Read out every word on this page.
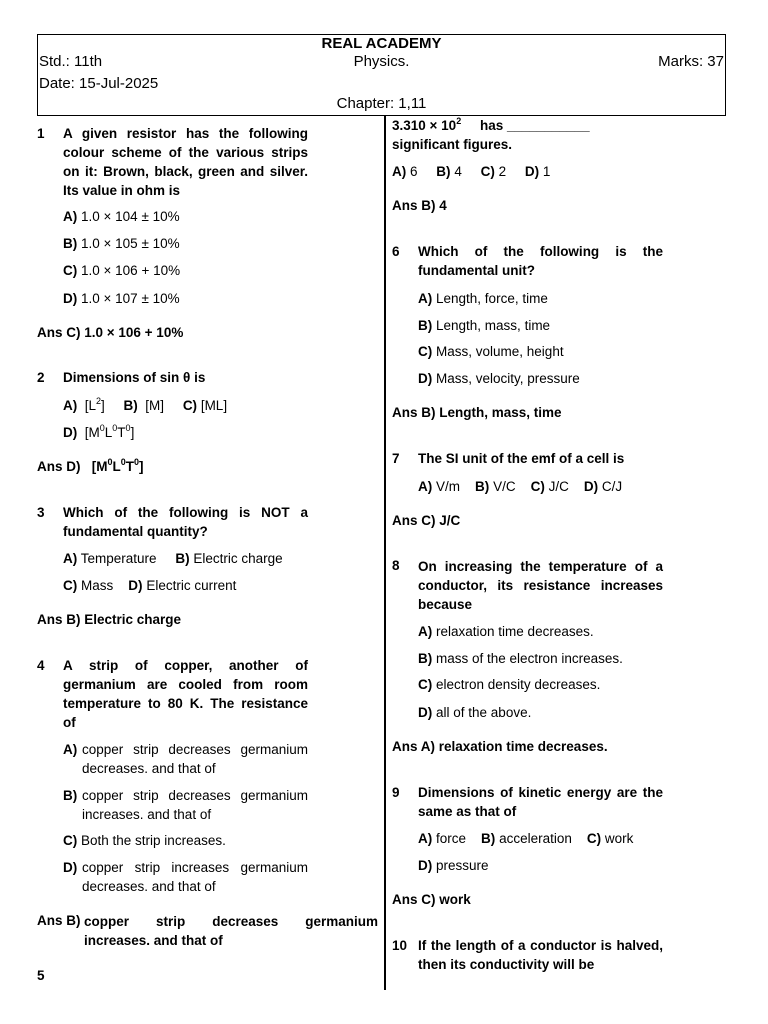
REAL ACADEMY
Std.: 11th	Physics.	Marks: 37
Date: 15-Jul-2025
Chapter: 1,11
1 A given resistor has the following colour scheme of the various strips on it: Brown, black, green and silver. Its value in ohm is
A) 1.0 × 104 ± 10%
B) 1.0 × 105 ± 10%
C) 1.0 × 106 + 10%
D) 1.0 × 107 ± 10%
Ans C) 1.0 × 106 + 10%
2 Dimensions of sin θ is
A)  $[L^2]$     B)  [M]     C) [ML]
D)  $[M^0L^0T^0]$
Ans D)   $[M^0L^0T^0]$
3 Which of the following is NOT a fundamental quantity?
A) Temperature B) Electric charge
C) Mass D) Electric current
Ans B) Electric charge
4 A strip of copper, another of germanium are cooled from room temperature to 80 K. The resistance of
A) copper strip decreases germanium decreases. and that of
B) copper strip decreases germanium increases. and that of
C) Both the strip increases.
D) copper strip increases germanium decreases. and that of
Ans B) copper strip decreases germanium increases. and that of
5
$3.310 \times 10^2$ has ___________ significant figures.
A) 6 B) 4 C) 2 D) 1
Ans B) 4
6 Which of the following is the fundamental unit?
A) Length, force, time
B) Length, mass, time
C) Mass, volume, height
D) Mass, velocity, pressure
Ans B) Length, mass, time
7 The SI unit of the emf of a cell is
A) V/m B) V/C C) J/C D) C/J
Ans C) J/C
8 On increasing the temperature of a conductor, its resistance increases because
A) relaxation time decreases.
B) mass of the electron increases.
C) electron density decreases.
D) all of the above.
Ans A) relaxation time decreases.
9 Dimensions of kinetic energy are the same as that of
A) force B) acceleration C) work
D) pressure
Ans C) work
10 If the length of a conductor is halved, then its conductivity will be
